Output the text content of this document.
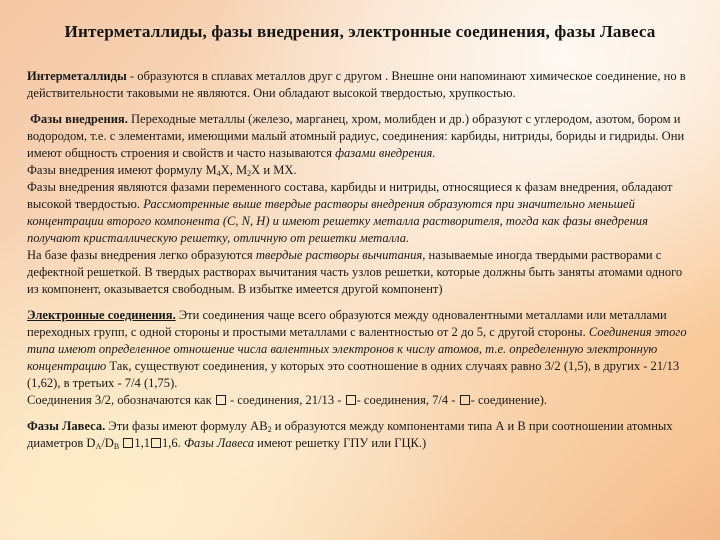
Интерметаллиды, фазы внедрения, электронные соединения, фазы Лавеса

Интерметаллиды - образуются в сплавах металлов друг с другом . Внешне они напоминают химическое соединение, но в действительности таковыми не являются. Они обладают высокой твердостью, хрупкостью.

Фазы внедрения. Переходные металлы (железо, марганец, хром, молибден и др.) образуют с углеродом, азотом, бором и водородом, т.е. с элементами, имеющими малый атомный радиус, соединения: карбиды, нитриды, бориды и гидриды. Они имеют общность строения и свойств и часто называются фазами внедрения.
Фазы внедрения имеют формулу $М_4Х$, $М_2Х$ и МХ.
Фазы внедрения являются фазами переменного состава, карбиды и нитриды, относящиеся к фазам внедрения, обладают высокой твердостью. Рассмотренные выше твердые растворы внедрения образуются при значительно меньшей концентрации второго компонента (С, N, Н) и имеют решетку металла растворителя, тогда как фазы внедрения получают кристаллическую решетку, отличную от решетки металла.
На базе фазы внедрения легко образуются твердые растворы вычитания, называемые иногда твердыми растворами с дефектной решеткой. В твердых растворах вычитания часть узлов решетки, которые должны быть заняты атомами одного из компонент, оказывается свободным. В избытке имеется другой компонент)

Электронные соединения. Эти соединения чаще всего образуются между одновалентными металлами или металлами переходных групп, с одной стороны и простыми металлами с валентностью от 2 до 5, с другой стороны. Соединения этого типа имеют определенное отношение числа валентных электронов к числу атомов, т.е. определенную электронную концентрацию Так, существуют соединения, у которых это соотношение в одних случаях равно 3/2 (1,5), в других - 21/13 (1,62), в третьих - 7/4 (1,75).
Соединения 3/2, обозначаются как  - соединения, 21/13 - - соединения, 7/4 - - соединение).

Фазы Лавеса. Эти фазы имеют формулу $АВ_2$ и образуются между компонентами типа А и В при соотношении атомных диаметров $D_A/D_B$ 1,1 1,6. Фазы Лавеса имеют решетку ГПУ или ГЦК.)
